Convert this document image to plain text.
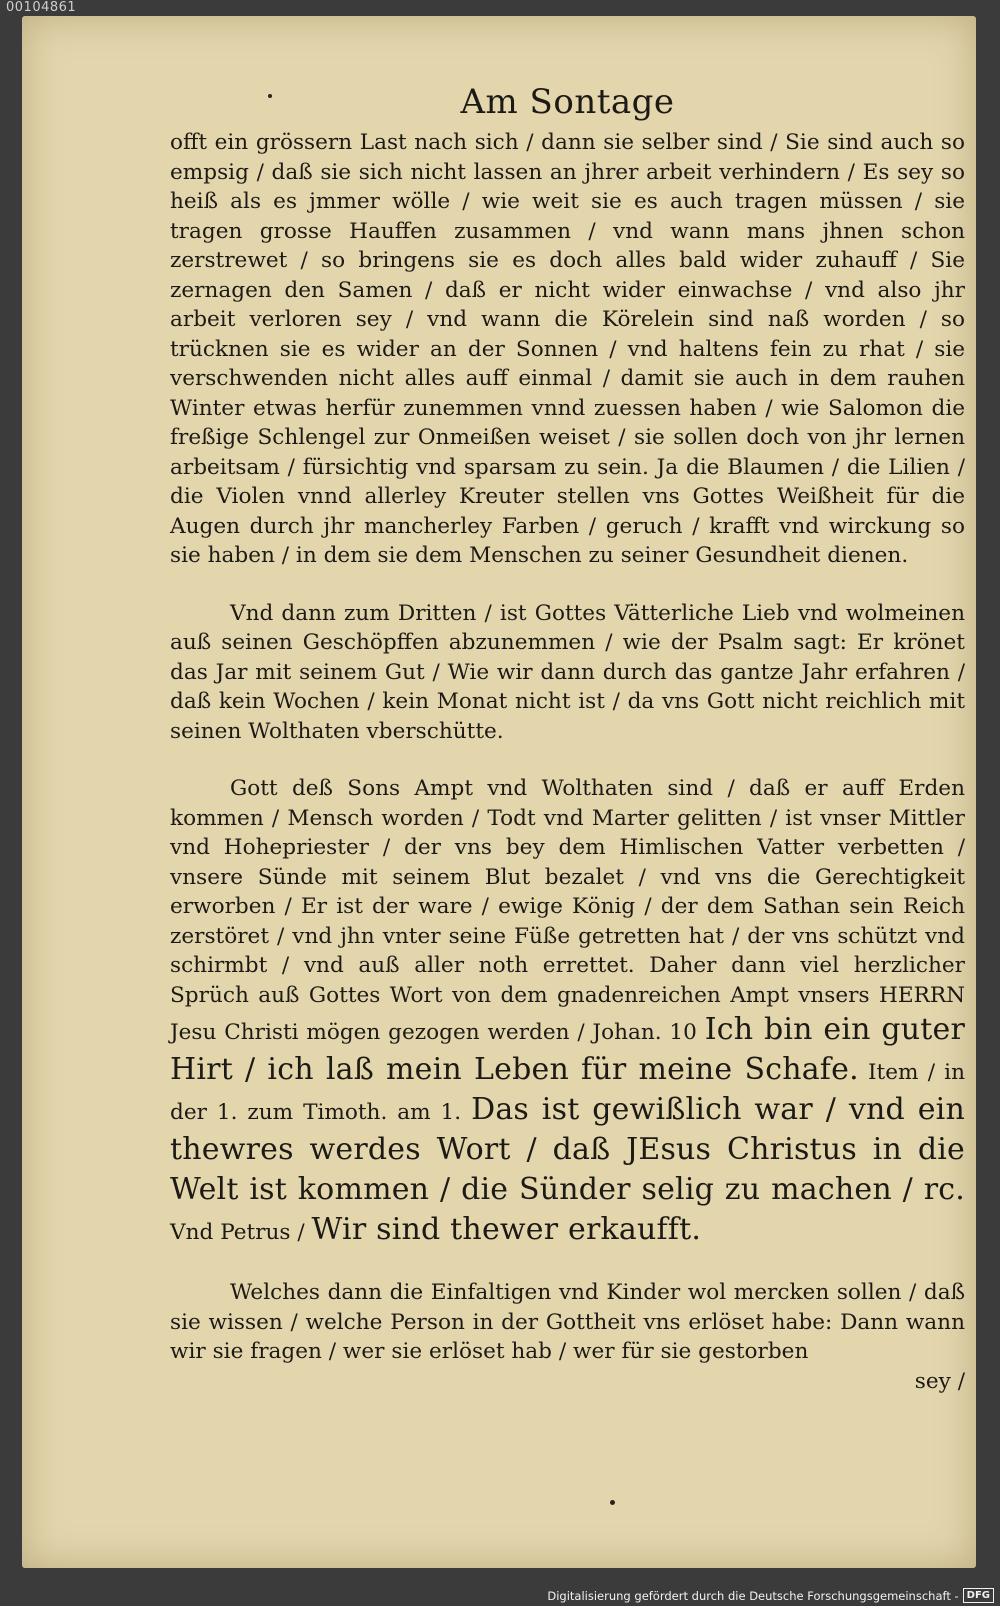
00104861
Am Sontage

offt ein grössern Last nach sich / dann sie selber sind / Sie sind auch so empsig / daß sie sich nicht lassen an jhrer arbeit verhindern / Es sey so heiß als es jmmer wölle / wie weit sie es auch tragen müssen / sie tragen grosse Hauffen zusammen / vnd wann mans jhnen schon zerstrewet / so bringens sie es doch alles bald wider zuhauff / Sie zernagen den Samen / daß er nicht wider einwachse / vnd also jhr arbeit verloren sey / vnd wann die Körelein sind naß worden / so trücknen sie es wider an der Sonnen / vnd haltens fein zu rhat / sie verschwenden nicht alles auff einmal / damit sie auch in dem rauhen Winter etwas herfür zunemmen vnnd zuessen haben / wie Salomon die freßige Schlengel zur Onmeißen weiset / sie sollen doch von jhr lernen arbeitsam / fürsichtig vnd sparsam zu sein. Ja die Blaumen / die Lilien / die Violen vnnd allerley Kreuter stellen vns Gottes Weißheit für die Augen durch jhr mancherley Farben / geruch / krafft vnd wirckung so sie haben / in dem sie dem Menschen zu seiner Gesundheit dienen.

Vnd dann zum Dritten / ist Gottes Vätterliche Lieb vnd wolmeinen auß seinen Geschöpffen abzunemmen / wie der Psalm sagt: Er krönet das Jar mit seinem Gut / Wie wir dann durch das gantze Jahr erfahren / daß kein Wochen / kein Monat nicht ist / da vns Gott nicht reichlich mit seinen Wolthaten vberschütte.

Gott deß Sons Ampt vnd Wolthaten sind / daß er auff Erden kommen / Mensch worden / Todt vnd Marter gelitten / ist vnser Mittler vnd Hohepriester / der vns bey dem Himlischen Vatter verbetten / vnsere Sünde mit seinem Blut bezalet / vnd vns die Gerechtigkeit erworben / Er ist der ware / ewige König / der dem Sathan sein Reich zerstöret / vnd jhn vnter seine Füße getretten hat / der vns schützt vnd schirmbt / vnd auß aller noth errettet. Daher dann viel herzlicher Sprüch auß Gottes Wort von dem gnadenreichen Ampt vnsers HERRN Jesu Christi mögen gezogen werden / Johan. 10 Ich bin ein guter Hirt / ich laß mein Leben für meine Schafe. Item / in der 1. zum Timoth. am 1. Das ist gewißlich war / vnd ein thewres werdes Wort / daß JEsus Christus in die Welt ist kommen / die Sünder selig zu machen / rc. Vnd Petrus / Wir sind thewer erkaufft.

Welches dann die Einfaltigen vnd Kinder wol mercken sollen / daß sie wissen / welche Person in der Gottheit vns erlöset habe: Dann wann wir sie fragen / wer sie erlöset hab / wer für sie gestorben

sey /
Digitalisierung gefördert durch die Deutsche Forschungsgemeinschaft - DFG
